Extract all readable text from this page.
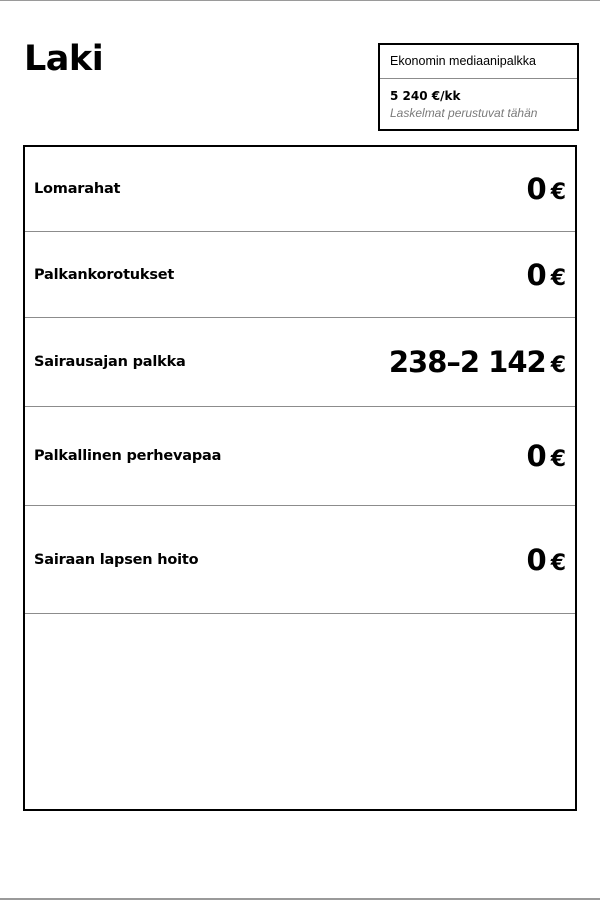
Laki	Ekonomin mediaanipalkka
5 240 €/kk
Laskelmat perustuvat tähän
Lomarahat	0 €
Palkankorotukset	0 €
Sairausajan palkka	238–2 142 €
Palkallinen perhevapaa	0 €
Sairaan lapsen hoito	0 €
